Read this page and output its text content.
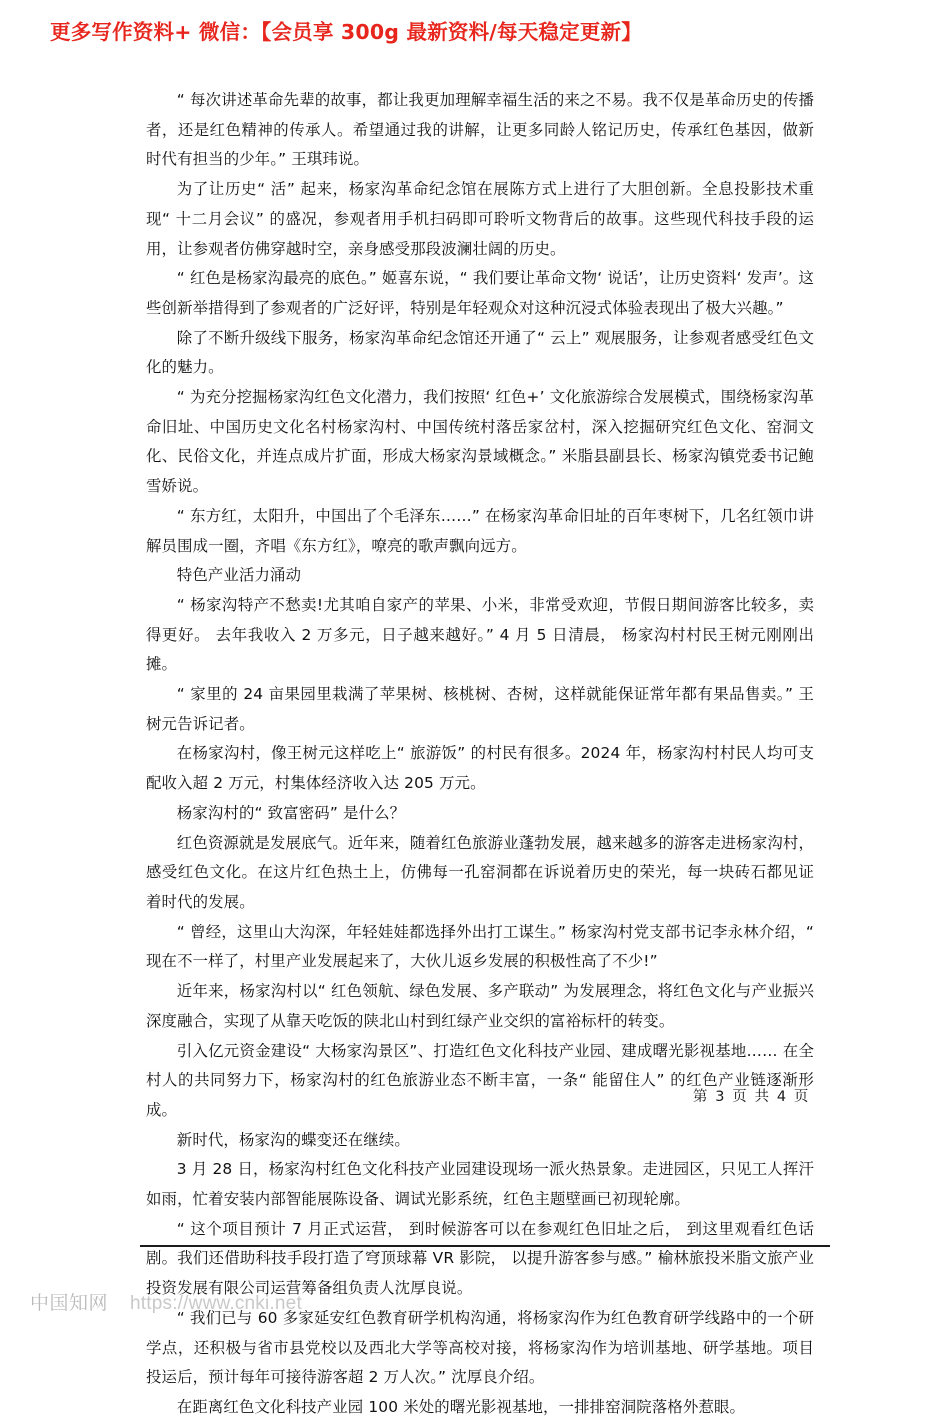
更多写作资料+ 微信：【会员享 300g 最新资料/每天稳定更新】

“ 每次讲述革命先辈的故事，都让我更加理解幸福生活的来之不易。我不仅是革命历史的传播者，还是红色精神的传承人。希望通过我的讲解，让更多同龄人铭记历史，传承红色基因，做新时代有担当的少年。” 王琪玮说。

为了让历史“ 活” 起来，杨家沟革命纪念馆在展陈方式上进行了大胆创新。全息投影技术重现“ 十二月会议” 的盛况，参观者用手机扫码即可聆听文物背后的故事。这些现代科技手段的运用，让参观者仿佛穿越时空，亲身感受那段波澜壮阔的历史。

“ 红色是杨家沟最亮的底色。” 姬喜东说，“ 我们要让革命文物‘ 说话’，让历史资料‘ 发声’。这些创新举措得到了参观者的广泛好评，特别是年轻观众对这种沉浸式体验表现出了极大兴趣。”

除了不断升级线下服务，杨家沟革命纪念馆还开通了“ 云上” 观展服务，让参观者感受红色文化的魅力。

“ 为充分挖掘杨家沟红色文化潜力，我们按照‘ 红色+’ 文化旅游综合发展模式，围绕杨家沟革命旧址、中国历史文化名村杨家沟村、中国传统村落岳家岔村，深入挖掘研究红色文化、窑洞文化、民俗文化，并连点成片扩面，形成大杨家沟景域概念。” 米脂县副县长、杨家沟镇党委书记鲍雪娇说。

“ 东方红，太阳升，中国出了个毛泽东……” 在杨家沟革命旧址的百年枣树下，几名红领巾讲解员围成一圈，齐唱《东方红》，嘹亮的歌声飘向远方。

特色产业活力涌动

“ 杨家沟特产不愁卖!尤其咱自家产的苹果、小米，非常受欢迎，节假日期间游客比较多，卖得更好。 去年我收入 2 万多元，日子越来越好。” 4 月 5 日清晨， 杨家沟村村民王树元刚刚出摊。

“ 家里的 24 亩果园里栽满了苹果树、核桃树、杏树，这样就能保证常年都有果品售卖。” 王树元告诉记者。

在杨家沟村，像王树元这样吃上“ 旅游饭” 的村民有很多。2024 年，杨家沟村村民人均可支配收入超 2 万元，村集体经济收入达 205 万元。

杨家沟村的“ 致富密码” 是什么？

红色资源就是发展底气。近年来，随着红色旅游业蓬勃发展，越来越多的游客走进杨家沟村，感受红色文化。在这片红色热土上，仿佛每一孔窑洞都在诉说着历史的荣光，每一块砖石都见证着时代的发展。

“ 曾经，这里山大沟深，年轻娃娃都选择外出打工谋生。” 杨家沟村党支部书记李永林介绍，“ 现在不一样了，村里产业发展起来了，大伙儿返乡发展的积极性高了不少!”

近年来，杨家沟村以“ 红色领航、绿色发展、多产联动” 为发展理念，将红色文化与产业振兴深度融合，实现了从靠天吃饭的陕北山村到红绿产业交织的富裕标杆的转变。

引入亿元资金建设“ 大杨家沟景区”、打造红色文化科技产业园、建成曙光影视基地…… 在全村人的共同努力下，杨家沟村的红色旅游业态不断丰富，一条“ 能留住人” 的红色产业链逐渐形成。

新时代，杨家沟的蝶变还在继续。

3 月 28 日，杨家沟村红色文化科技产业园建设现场一派火热景象。走进园区，只见工人挥汗如雨，忙着安装内部智能展陈设备、调试光影系统，红色主题壁画已初现轮廓。

“ 这个项目预计 7 月正式运营， 到时候游客可以在参观红色旧址之后， 到这里观看红色话剧。我们还借助科技手段打造了穹顶球幕 VR 影院， 以提升游客参与感。” 榆林旅投米脂文旅产业投资发展有限公司运营筹备组负责人沈厚良说。

“ 我们已与 60 多家延安红色教育研学机构沟通，将杨家沟作为红色教育研学线路中的一个研学点，还积极与省市县党校以及西北大学等高校对接，将杨家沟作为培训基地、研学基地。项目投运后，预计每年可接待游客超 2 万人次。” 沈厚良介绍。

在距离红色文化科技产业园 100 米处的曙光影视基地，一排排窑洞院落格外惹眼。

第 3 页 共 4 页
中国知网 https://www.cnki.net
